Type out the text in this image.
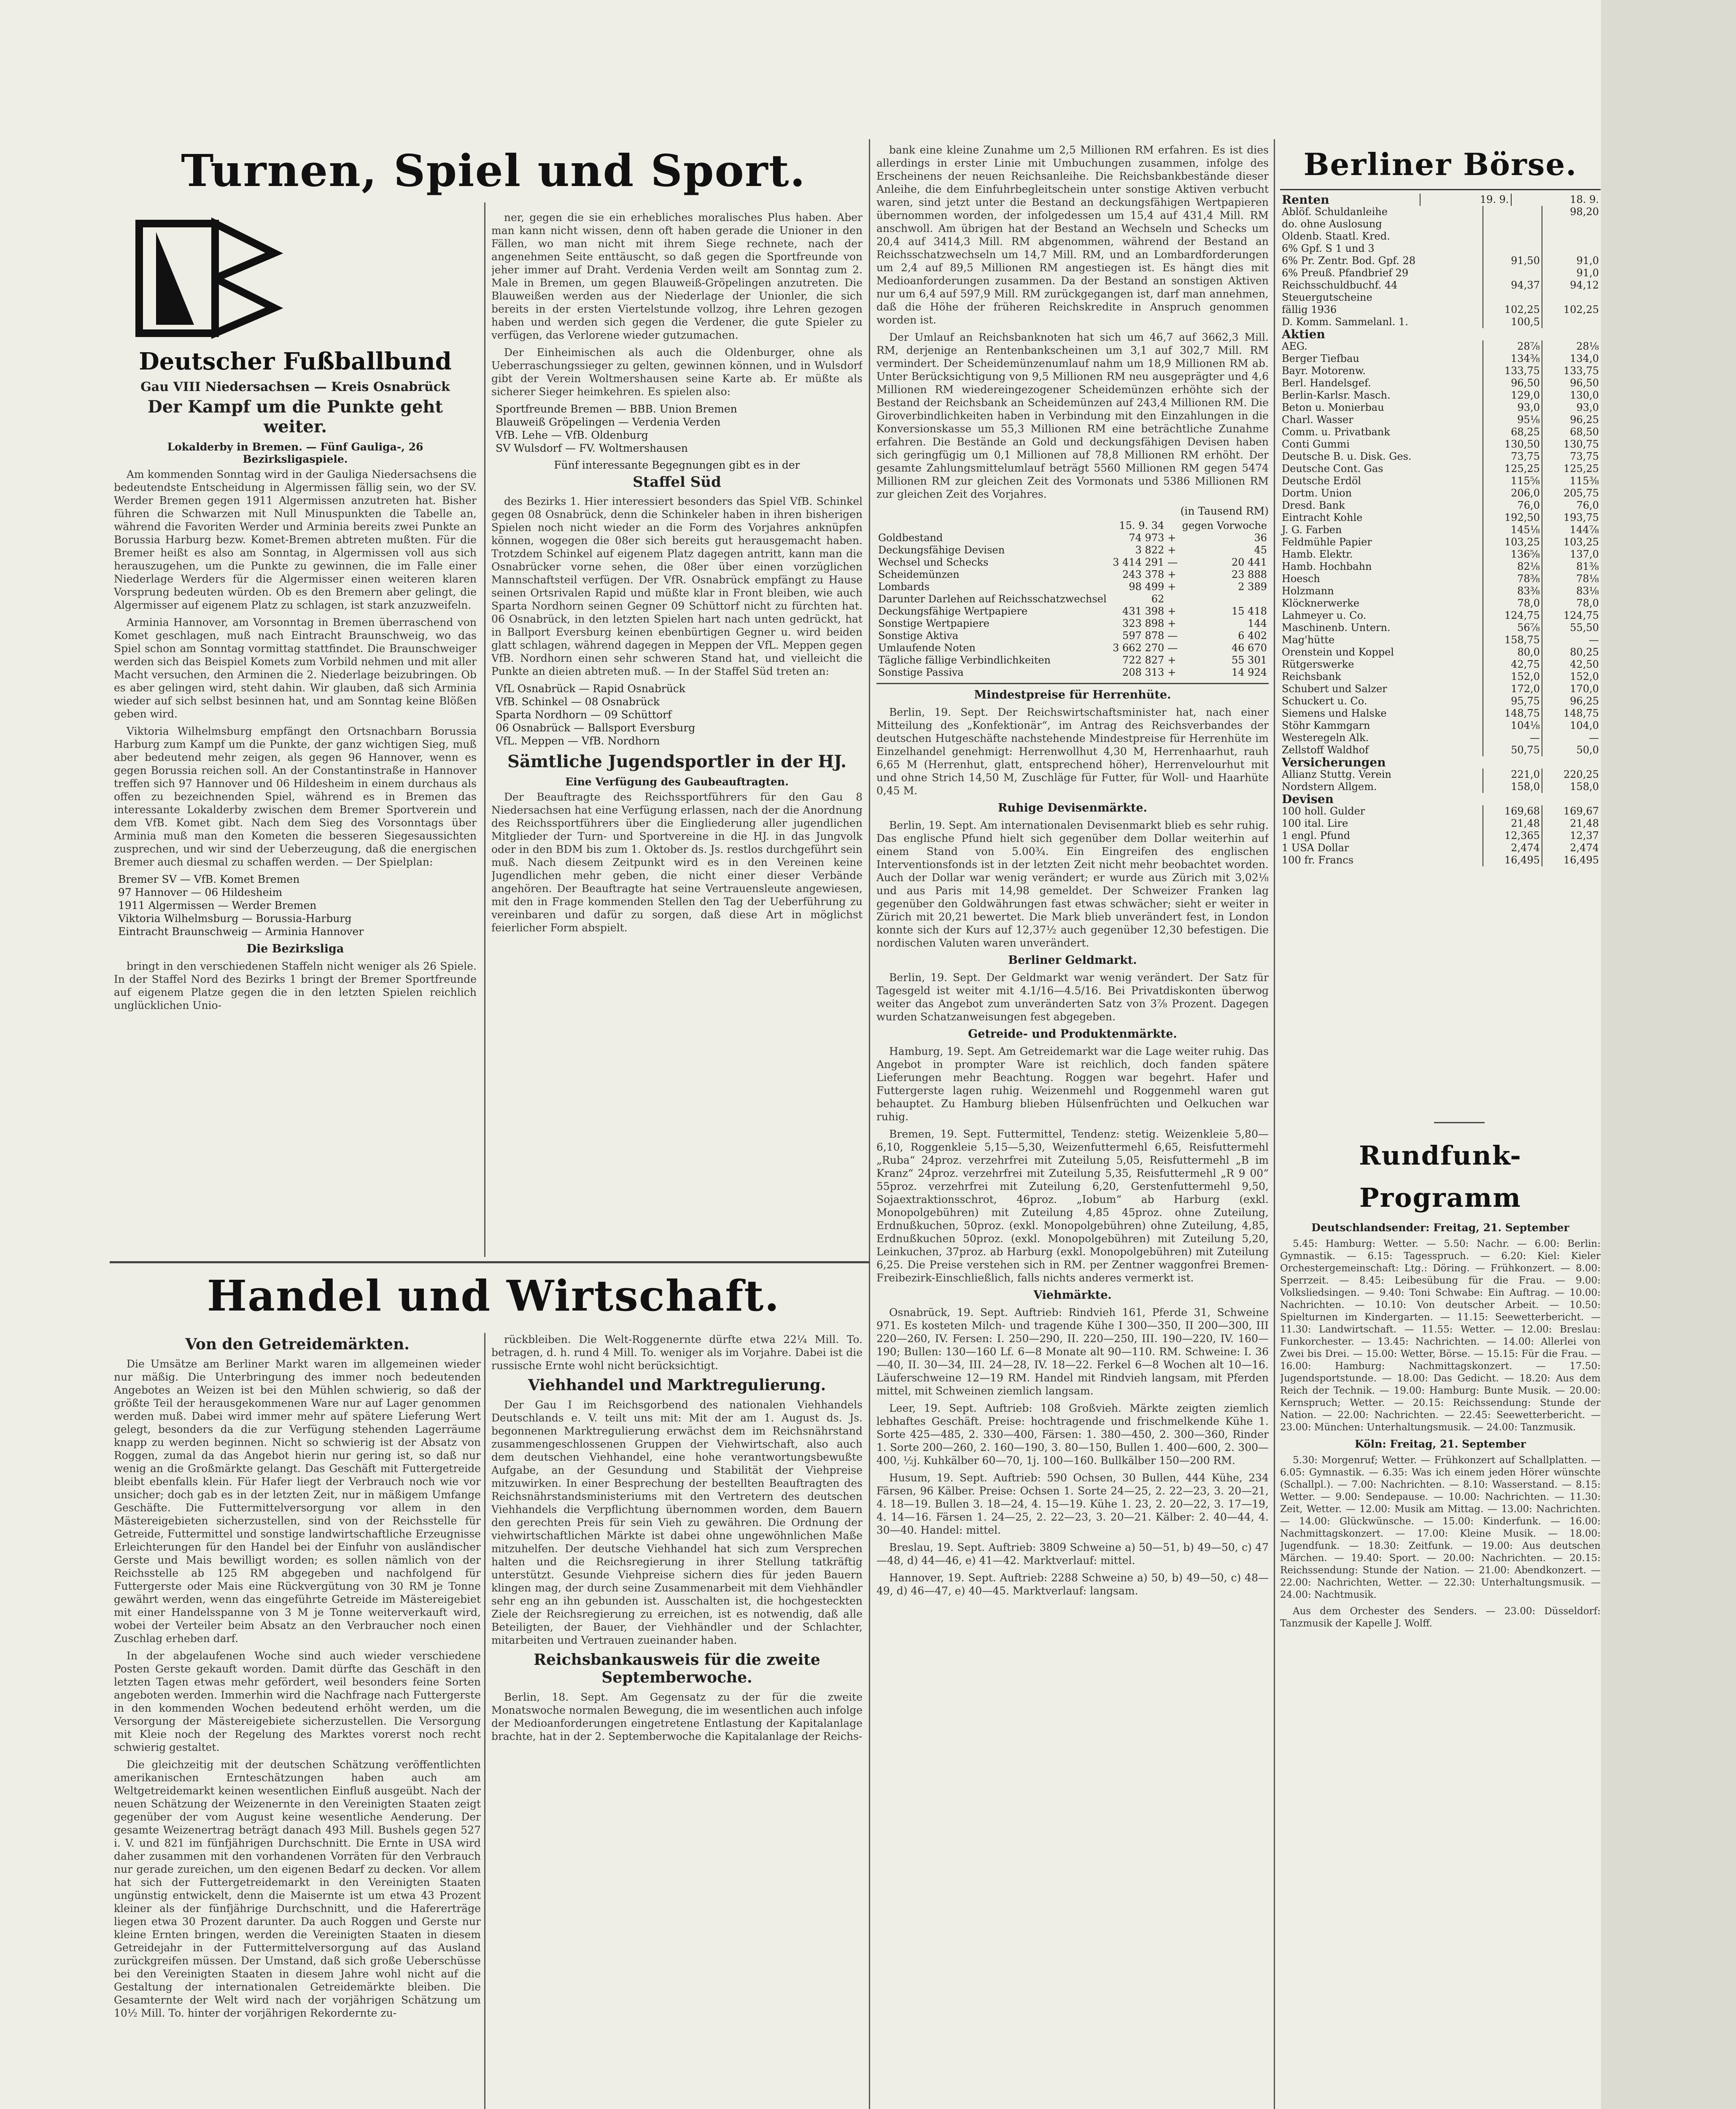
Turnen, Spiel und Sport.
Deutscher Fußballbund
Gau VIII Niedersachsen — Kreis Osnabrück
Der Kampf um die Punkte geht weiter.
Lokalderby in Bremen. — Fünf Gauliga-, 26 Bezirksligaspiele.

Am kommenden Sonntag wird in der Gauliga Niedersachsens die bedeutendste Entscheidung in Algermissen fällig sein, wo der SV. Werder Bremen gegen 1911 Algermissen anzutreten hat. Bisher führen die Schwarzen mit Null Minuspunkten die Tabelle an, während die Favoriten Werder und Arminia bereits zwei Punkte an Borussia Harburg bezw. Komet-Bremen abtreten mußten. Für die Bremer heißt es also am Sonntag, in Algermissen voll aus sich herauszugehen, um die Punkte zu gewinnen, die im Falle einer Niederlage Werders für die Algermisser einen weiteren klaren Vorsprung bedeuten würden. Ob es den Bremern aber gelingt, die Algermisser auf eigenem Platz zu schlagen, ist stark anzuzweifeln.

Arminia Hannover, am Vorsonntag in Bremen überraschend von Komet geschlagen, muß nach Eintracht Braunschweig, wo das Spiel schon am Sonntag vormittag stattfindet. Die Braunschweiger werden sich das Beispiel Komets zum Vorbild nehmen und mit aller Macht versuchen, den Arminen die 2. Niederlage beizubringen. Ob es aber gelingen wird, steht dahin. Wir glauben, daß sich Arminia wieder auf sich selbst besinnen hat, und am Sonntag keine Blößen geben wird.

Viktoria Wilhelmsburg empfängt den Ortsnachbarn Borussia Harburg zum Kampf um die Punkte, der ganz wichtigen Sieg, muß aber bedeutend mehr zeigen, als gegen 96 Hannover, wenn es gegen Borussia reichen soll. An der Constantinstraße in Hannover treffen sich 97 Hannover und 06 Hildesheim in einem durchaus als offen zu bezeichnenden Spiel, während es in Bremen das interessante Lokalderby zwischen dem Bremer Sportverein und dem VfB. Komet gibt. Nach dem Sieg des Vorsonntags über Arminia muß man den Kometen die besseren Siegesaussichten zusprechen, und wir sind der Ueberzeugung, daß die energischen Bremer auch diesmal zu schaffen werden. — Der Spielplan:

Bremer SV — VfB. Komet Bremen
97 Hannover — 06 Hildesheim
1911 Algermissen — Werder Bremen
Viktoria Wilhelmsburg — Borussia-Harburg
Eintracht Braunschweig — Arminia Hannover
Die Bezirksliga

bringt in den verschiedenen Staffeln nicht weniger als 26 Spiele. In der Staffel Nord des Bezirks 1 bringt der Bremer Sportfreunde auf eigenem Platze gegen die in den letzten Spielen reichlich unglücklichen Unio-

ner, gegen die sie ein erhebliches moralisches Plus haben. Aber man kann nicht wissen, denn oft haben gerade die Unioner in den Fällen, wo man nicht mit ihrem Siege rechnete, nach der angenehmen Seite enttäuscht, so daß gegen die Sportfreunde von jeher immer auf Draht. Verdenia Verden weilt am Sonntag zum 2. Male in Bremen, um gegen Blauweiß-Gröpelingen anzutreten. Die Blauweißen werden aus der Niederlage der Unionler, die sich bereits in der ersten Viertelstunde vollzog, ihre Lehren gezogen haben und werden sich gegen die Verdener, die gute Spieler zu verfügen, das Verlorene wieder gutzumachen.

Der Einheimischen als auch die Oldenburger, ohne als Ueberraschungssieger zu gelten, gewinnen können, und in Wulsdorf gibt der Verein Woltmershausen seine Karte ab. Er müßte als sicherer Sieger heimkehren. Es spielen also:

Sportfreunde Bremen — BBB. Union Bremen
Blauweiß Gröpelingen — Verdenia Verden
VfB. Lehe — VfB. Oldenburg
SV Wulsdorf — FV. Woltmershausen
Fünf interessante Begegnungen gibt es in der
Staffel Süd

des Bezirks 1. Hier interessiert besonders das Spiel VfB. Schinkel gegen 08 Osnabrück, denn die Schinkeler haben in ihren bisherigen Spielen noch nicht wieder an die Form des Vorjahres anknüpfen können, wogegen die 08er sich bereits gut herausgemacht haben. Trotzdem Schinkel auf eigenem Platz dagegen antritt, kann man die Osnabrücker vorne sehen, die 08er über einen vorzüglichen Mannschaftsteil verfügen. Der VfR. Osnabrück empfängt zu Hause seinen Ortsrivalen Rapid und müßte klar in Front bleiben, wie auch Sparta Nordhorn seinen Gegner 09 Schüttorf nicht zu fürchten hat. 06 Osnabrück, in den letzten Spielen hart nach unten gedrückt, hat in Ballport Eversburg keinen ebenbürtigen Gegner u. wird beiden glatt schlagen, während dagegen in Meppen der VfL. Meppen gegen VfB. Nordhorn einen sehr schweren Stand hat, und vielleicht die Punkte an dieien abtreten muß. — In der Staffel Süd treten an:

VfL Osnabrück — Rapid Osnabrück
VfB. Schinkel — 08 Osnabrück
Sparta Nordhorn — 09 Schüttorf
06 Osnabrück — Ballsport Eversburg
VfL. Meppen — VfB. Nordhorn
Sämtliche Jugendsportler in der HJ.
Eine Verfügung des Gaubeauftragten.

Der Beauftragte des Reichssportführers für den Gau 8 Niedersachsen hat eine Verfügung erlassen, nach der die Anordnung des Reichssportführers über die Eingliederung aller jugendlichen Mitglieder der Turn- und Sportvereine in die HJ. in das Jungvolk oder in den BDM bis zum 1. Oktober ds. Js. restlos durchgeführt sein muß. Nach diesem Zeitpunkt wird es in den Vereinen keine Jugendlichen mehr geben, die nicht einer dieser Verbände angehören. Der Beauftragte hat seine Vertrauensleute angewiesen, mit den in Frage kommenden Stellen den Tag der Ueberführung zu vereinbaren und dafür zu sorgen, daß diese Art in möglichst feierlicher Form abspielt.

bank eine kleine Zunahme um 2,5 Millionen RM erfahren. Es ist dies allerdings in erster Linie mit Umbuchungen zusammen, infolge des Erscheinens der neuen Reichsanleihe. Die Reichsbankbestände dieser Anleihe, die dem Einfuhrbegleitschein unter sonstige Aktiven verbucht waren, sind jetzt unter die Bestand an deckungsfähigen Wertpapieren übernommen worden, der infolgedessen um 15,4 auf 431,4 Mill. RM anschwoll. Am übrigen hat der Bestand an Wechseln und Schecks um 20,4 auf 3414,3 Mill. RM abgenommen, während der Bestand an Reichsschatzwechseln um 14,7 Mill. RM, und an Lombardforderungen um 2,4 auf 89,5 Millionen RM angestiegen ist. Es hängt dies mit Medioanforderungen zusammen. Da der Bestand an sonstigen Aktiven nur um 6,4 auf 597,9 Mill. RM zurückgegangen ist, darf man annehmen, daß die Höhe der früheren Reichskredite in Anspruch genommen worden ist.

Der Umlauf an Reichsbanknoten hat sich um 46,7 auf 3662,3 Mill. RM, derjenige an Rentenbankscheinen um 3,1 auf 302,7 Mill. RM vermindert. Der Scheidemünzenumlauf nahm um 18,9 Millionen RM ab. Unter Berücksichtigung von 9,5 Millionen RM neu ausgeprägter und 4,6 Millionen RM wiedereingezogener Scheidemünzen erhöhte sich der Bestand der Reichsbank an Scheidemünzen auf 243,4 Millionen RM. Die Giroverbindlichkeiten haben in Verbindung mit den Einzahlungen in die Konversionskasse um 55,3 Millionen RM eine beträchtliche Zunahme erfahren. Die Bestände an Gold und deckungsfähigen Devisen haben sich geringfügig um 0,1 Millionen auf 78,8 Millionen RM erhöht. Der gesamte Zahlungsmittelumlauf beträgt 5560 Millionen RM gegen 5474 Millionen RM zur gleichen Zeit des Vormonats und 5386 Millionen RM zur gleichen Zeit des Vorjahres.

(in Tausend RM)
	15. 9. 34		gegen Vorwoche
Goldbestand	74 973	+	36
Deckungsfähige Devisen	3 822	+	45
Wechsel und Schecks	3 414 291	—	20 441
Scheidemünzen	243 378	+	23 888
Lombards	98 499	+	2 389
Darunter Darlehen auf Reichsschatzwechsel	62		
Deckungsfähige Wertpapiere	431 398	+	15 418
Sonstige Wertpapiere	323 898	+	144
Sonstige Aktiva	597 878	—	6 402
Umlaufende Noten	3 662 270	—	46 670
Tägliche fällige Verbindlichkeiten	722 827	+	55 301
Sonstige Passiva	208 313	+	14 924
Mindestpreise für Herrenhüte.

Berlin, 19. Sept. Der Reichswirtschaftsminister hat, nach einer Mitteilung des „Konfektionär“, im Antrag des Reichsverbandes der deutschen Hutgeschäfte nachstehende Mindestpreise für Herrenhüte im Einzelhandel genehmigt: Herrenwollhut 4,30 M, Herrenhaarhut, rauh 6,65 M (Herrenhut, glatt, entsprechend höher), Herrenvelourhut mit und ohne Strich 14,50 M, Zuschläge für Futter, für Woll- und Haarhüte 0,45 M.

Ruhige Devisenmärkte.

Berlin, 19. Sept. Am internationalen Devisenmarkt blieb es sehr ruhig. Das englische Pfund hielt sich gegenüber dem Dollar weiterhin auf einem Stand von 5.00¾. Ein Eingreifen des englischen Interventionsfonds ist in der letzten Zeit nicht mehr beobachtet worden. Auch der Dollar war wenig verändert; er wurde aus Zürich mit 3,02⅛ und aus Paris mit 14,98 gemeldet. Der Schweizer Franken lag gegenüber den Goldwährungen fast etwas schwächer; sieht er weiter in Zürich mit 20,21 bewertet. Die Mark blieb unverändert fest, in London konnte sich der Kurs auf 12,37½ auch gegenüber 12,30 befestigen. Die nordischen Valuten waren unverändert.

Berliner Geldmarkt.

Berlin, 19. Sept. Der Geldmarkt war wenig verändert. Der Satz für Tagesgeld ist weiter mit 4.1/16—4.5/16. Bei Privatdiskonten überwog weiter das Angebot zum unveränderten Satz von 3⅞ Prozent. Dagegen wurden Schatzanweisungen fest abgegeben.

Getreide- und Produktenmärkte.

Hamburg, 19. Sept. Am Getreidemarkt war die Lage weiter ruhig. Das Angebot in prompter Ware ist reichlich, doch fanden spätere Lieferungen mehr Beachtung. Roggen war begehrt. Hafer und Futtergerste lagen ruhig. Weizenmehl und Roggenmehl waren gut behauptet. Zu Hamburg blieben Hülsenfrüchten und Oelkuchen war ruhig.

Bremen, 19. Sept. Futtermittel, Tendenz: stetig. Weizenkleie 5,80—6,10, Roggenkleie 5,15—5,30, Weizenfuttermehl 6,65, Reisfuttermehl „Ruba“ 24proz. verzehrfrei mit Zuteilung 5,05, Reisfuttermehl „B im Kranz“ 24proz. verzehrfrei mit Zuteilung 5,35, Reisfuttermehl „R 9 00“ 55proz. verzehrfrei mit Zuteilung 6,20, Gerstenfuttermehl 9,50, Sojaextraktionsschrot, 46proz. „Iobum“ ab Harburg (exkl. Monopolgebühren) mit Zuteilung 4,85 45proz. ohne Zuteilung, Erdnußkuchen, 50proz. (exkl. Monopolgebühren) ohne Zuteilung, 4,85, Erdnußkuchen 50proz. (exkl. Monopolgebühren) mit Zuteilung 5,20, Leinkuchen, 37proz. ab Harburg (exkl. Monopolgebühren) mit Zuteilung 6,25. Die Preise verstehen sich in RM. per Zentner waggonfrei Bremen-Freibezirk-Einschließlich, falls nichts anderes vermerkt ist.

Viehmärkte.

Osnabrück, 19. Sept. Auftrieb: Rindvieh 161, Pferde 31, Schweine 971. Es kosteten Milch- und tragende Kühe I 300—350, II 200—300, III 220—260, IV. Fersen: I. 250—290, II. 220—250, III. 190—220, IV. 160—190; Bullen: 130—160 Lf. 6—8 Monate alt 90—110. RM. Schweine: I. 36—40, II. 30—34, III. 24—28, IV. 18—22. Ferkel 6—8 Wochen alt 10—16. Läuferschweine 12—19 RM. Handel mit Rindvieh langsam, mit Pferden mittel, mit Schweinen ziemlich langsam.

Leer, 19. Sept. Auftrieb: 108 Großvieh. Märkte zeigten ziemlich lebhaftes Geschäft. Preise: hochtragende und frischmelkende Kühe 1. Sorte 425—485, 2. 330—400, Färsen: 1. 380—450, 2. 300—360, Rinder 1. Sorte 200—260, 2. 160—190, 3. 80—150, Bullen 1. 400—600, 2. 300—400, ½j. Kuhkälber 60—70, 1j. 100—160. Bullkälber 150—200 RM.

Husum, 19. Sept. Auftrieb: 590 Ochsen, 30 Bullen, 444 Kühe, 234 Färsen, 96 Kälber. Preise: Ochsen 1. Sorte 24—25, 2. 22—23, 3. 20—21, 4. 18—19. Bullen 3. 18—24, 4. 15—19. Kühe 1. 23, 2. 20—22, 3. 17—19, 4. 14—16. Färsen 1. 24—25, 2. 22—23, 3. 20—21. Kälber: 2. 40—44, 4. 30—40. Handel: mittel.

Breslau, 19. Sept. Auftrieb: 3809 Schweine a) 50—51, b) 49—50, c) 47—48, d) 44—46, e) 41—42. Marktverlauf: mittel.

Hannover, 19. Sept. Auftrieb: 2288 Schweine a) 50, b) 49—50, c) 48—49, d) 46—47, e) 40—45. Marktverlauf: langsam.

Handel und Wirtschaft.
Von den Getreidemärkten.

Die Umsätze am Berliner Markt waren im allgemeinen wieder nur mäßig. Die Unterbringung des immer noch bedeutenden Angebotes an Weizen ist bei den Mühlen schwierig, so daß der größte Teil der herausgekommenen Ware nur auf Lager genommen werden muß. Dabei wird immer mehr auf spätere Lieferung Wert gelegt, besonders da die zur Verfügung stehenden Lagerräume knapp zu werden beginnen. Nicht so schwierig ist der Absatz von Roggen, zumal da das Angebot hierin nur gering ist, so daß nur wenig an die Großmärkte gelangt. Das Geschäft mit Futtergetreide bleibt ebenfalls klein. Für Hafer liegt der Verbrauch noch wie vor unsicher; doch gab es in der letzten Zeit, nur in mäßigem Umfange Geschäfte. Die Futtermittelversorgung vor allem in den Mästereigebieten sicherzustellen, sind von der Reichsstelle für Getreide, Futtermittel und sonstige landwirtschaftliche Erzeugnisse Erleichterungen für den Handel bei der Einfuhr von ausländischer Gerste und Mais bewilligt worden; es sollen nämlich von der Reichsstelle ab 125 RM abgegeben und nachfolgend für Futtergerste oder Mais eine Rückvergütung von 30 RM je Tonne gewährt werden, wenn das eingeführte Getreide im Mästereigebiet mit einer Handelsspanne von 3 M je Tonne weiterverkauft wird, wobei der Verteiler beim Absatz an den Verbraucher noch einen Zuschlag erheben darf.

In der abgelaufenen Woche sind auch wieder verschiedene Posten Gerste gekauft worden. Damit dürfte das Geschäft in den letzten Tagen etwas mehr gefördert, weil besonders feine Sorten angeboten werden. Immerhin wird die Nachfrage nach Futtergerste in den kommenden Wochen bedeutend erhöht werden, um die Versorgung der Mästereigebiete sicherzustellen. Die Versorgung mit Kleie noch der Regelung des Marktes vorerst noch recht schwierig gestaltet.

Die gleichzeitig mit der deutschen Schätzung veröffentlichten amerikanischen Ernteschätzungen haben auch am Weltgetreidemarkt keinen wesentlichen Einfluß ausgeübt. Nach der neuen Schätzung der Weizenernte in den Vereinigten Staaten zeigt gegenüber der vom August keine wesentliche Aenderung. Der gesamte Weizenertrag beträgt danach 493 Mill. Bushels gegen 527 i. V. und 821 im fünfjährigen Durchschnitt. Die Ernte in USA wird daher zusammen mit den vorhandenen Vorräten für den Verbrauch nur gerade zureichen, um den eigenen Bedarf zu decken. Vor allem hat sich der Futtergetreidemarkt in den Vereinigten Staaten ungünstig entwickelt, denn die Maisernte ist um etwa 43 Prozent kleiner als der fünfjährige Durchschnitt, und die Hafererträge liegen etwa 30 Prozent darunter. Da auch Roggen und Gerste nur kleine Ernten bringen, werden die Vereinigten Staaten in diesem Getreidejahr in der Futtermittelversorgung auf das Ausland zurückgreifen müssen. Der Umstand, daß sich große Ueberschüsse bei den Vereinigten Staaten in diesem Jahre wohl nicht auf die Gestaltung der internationalen Getreidemärkte bleiben. Die Gesamternte der Welt wird nach der vorjährigen Schätzung um 10½ Mill. To. hinter der vorjährigen Rekordernte zu-

rückbleiben. Die Welt-Roggenernte dürfte etwa 22¼ Mill. To. betragen, d. h. rund 4 Mill. To. weniger als im Vorjahre. Dabei ist die russische Ernte wohl nicht berücksichtigt.

Viehhandel und Marktregulierung.

Der Gau I im Reichsgorbend des nationalen Viehhandels Deutschlands e. V. teilt uns mit: Mit der am 1. August ds. Js. begonnenen Marktregulierung erwächst dem im Reichsnährstand zusammengeschlossenen Gruppen der Viehwirtschaft, also auch dem deutschen Viehhandel, eine hohe verantwortungsbewußte Aufgabe, an der Gesundung und Stabilität der Viehpreise mitzuwirken. In einer Besprechung der bestellten Beauftragten des Reichsnährstandsministeriums mit den Vertretern des deutschen Viehhandels die Verpflichtung übernommen worden, dem Bauern den gerechten Preis für sein Vieh zu gewähren. Die Ordnung der viehwirtschaftlichen Märkte ist dabei ohne ungewöhnlichen Maße mitzuhelfen. Der deutsche Viehhandel hat sich zum Versprechen halten und die Reichsregierung in ihrer Stellung tatkräftig unterstützt. Gesunde Viehpreise sichern dies für jeden Bauern klingen mag, der durch seine Zusammenarbeit mit dem Viehhändler sehr eng an ihn gebunden ist. Ausschalten ist, die hochgesteckten Ziele der Reichsregierung zu erreichen, ist es notwendig, daß alle Beteiligten, der Bauer, der Viehhändler und der Schlachter, mitarbeiten und Vertrauen zueinander haben.

Reichsbankausweis für die zweite Septemberwoche.

Berlin, 18. Sept. Am Gegensatz zu der für die zweite Monatswoche normalen Bewegung, die im wesentlichen auch infolge der Medioanforderungen eingetretene Entlastung der Kapitalanlage brachte, hat in der 2. Septemberwoche die Kapitalanlage der Reichs-

Berliner Börse.
Renten	19. 9.	18. 9.
Ablöf. Schuldanleihe		98,20
do. ohne Auslosung		
Oldenb. Staatl. Kred.		
6% Gpf. S 1 und 3		
6% Pr. Zentr. Bod. Gpf. 28	91,50	91,0
6% Preuß. Pfandbrief 29		91,0
Reichsschuldbuchf. 44	94,37	94,12
Steuergutscheine		
fällig 1936	102,25	102,25
D. Komm. Sammelanl. 1.	100,5	
Aktien
AEG.	28⅞	28⅛
Berger Tiefbau	134⅜	134,0
Bayr. Motorenw.	133,75	133,75
Berl. Handelsgef.	96,50	96,50
Berlin-Karlsr. Masch.	129,0	130,0
Beton u. Monierbau	93,0	93,0
Charl. Wasser	95⅛	96,25
Comm. u. Privatbank	68,25	68,50
Conti Gummi	130,50	130,75
Deutsche B. u. Disk. Ges.	73,75	73,75
Deutsche Cont. Gas	125,25	125,25
Deutsche Erdöl	115⅝	115⅜
Dortm. Union	206,0	205,75
Dresd. Bank	76,0	76,0
Eintracht Kohle	192,50	193,75
J. G. Farben	145⅛	144⅞
Feldmühle Papier	103,25	103,25
Hamb. Elektr.	136⅝	137,0
Hamb. Hochbahn	82⅛	81⅜
Hoesch	78⅜	78⅛
Holzmann	83⅜	83⅛
Klöcknerwerke	78,0	78,0
Lahmeyer u. Co.	124,75	124,75
Maschinenb. Untern.	56⅞	55,50
Mag'hütte	158,75	—
Orenstein und Koppel	80,0	80,25
Rütgerswerke	42,75	42,50
Reichsbank	152,0	152,0
Schubert und Salzer	172,0	170,0
Schuckert u. Co.	95,75	96,25
Siemens und Halske	148,75	148,75
Stöhr Kammgarn	104⅛	104,0
Westeregeln Alk.	—	—
Zellstoff Waldhof	50,75	50,0
Versicherungen
Allianz Stuttg. Verein	221,0	220,25
Nordstern Allgem.	158,0	158,0
Devisen
100 holl. Gulder	169,68	169,67
100 ital. Lire	21,48	21,48
1 engl. Pfund	12,365	12,37
1 USA Dollar	2,474	2,474
100 fr. Francs	16,495	16,495
Rundfunk-Programm
Deutschlandsender: Freitag, 21. September

5.45: Hamburg: Wetter. — 5.50: Nachr. — 6.00: Berlin: Gymnastik. — 6.15: Tagesspruch. — 6.20: Kiel: Kieler Orchestergemeinschaft: Ltg.: Döring. — Frühkonzert. — 8.00: Sperrzeit. — 8.45: Leibesübung für die Frau. — 9.00: Volksliedsingen. — 9.40: Toni Schwabe: Ein Auftrag. — 10.00: Nachrichten. — 10.10: Von deutscher Arbeit. — 10.50: Spielturnen im Kindergarten. — 11.15: Seewetterbericht. — 11.30: Landwirtschaft. — 11.55: Wetter. — 12.00: Breslau: Funkorchester. — 13.45: Nachrichten. — 14.00: Allerlei von Zwei bis Drei. — 15.00: Wetter, Börse. — 15.15: Für die Frau. — 16.00: Hamburg: Nachmittagskonzert. — 17.50: Jugendsportstunde. — 18.00: Das Gedicht. — 18.20: Aus dem Reich der Technik. — 19.00: Hamburg: Bunte Musik. — 20.00: Kernspruch; Wetter. — 20.15: Reichssendung: Stunde der Nation. — 22.00: Nachrichten. — 22.45: Seewetterbericht. — 23.00: München: Unterhaltungsmusik. — 24.00: Tanzmusik.

Köln: Freitag, 21. September

5.30: Morgenruf; Wetter. — Frühkonzert auf Schallplatten. — 6.05: Gymnastik. — 6.35: Was ich einem jeden Hörer wünschte (Schallpl.). — 7.00: Nachrichten. — 8.10: Wasserstand. — 8.15: Wetter. — 9.00: Sendepause. — 10.00: Nachrichten. — 11.30: Zeit, Wetter. — 12.00: Musik am Mittag. — 13.00: Nachrichten. — 14.00: Glückwünsche. — 15.00: Kinderfunk. — 16.00: Nachmittagskonzert. — 17.00: Kleine Musik. — 18.00: Jugendfunk. — 18.30: Zeitfunk. — 19.00: Aus deutschen Märchen. — 19.40: Sport. — 20.00: Nachrichten. — 20.15: Reichssendung: Stunde der Nation. — 21.00: Abendkonzert. — 22.00: Nachrichten, Wetter. — 22.30: Unterhaltungsmusik. — 24.00: Nachtmusik.

Aus dem Orchester des Senders. — 23.00: Düsseldorf: Tanzmusik der Kapelle J. Wolff.
